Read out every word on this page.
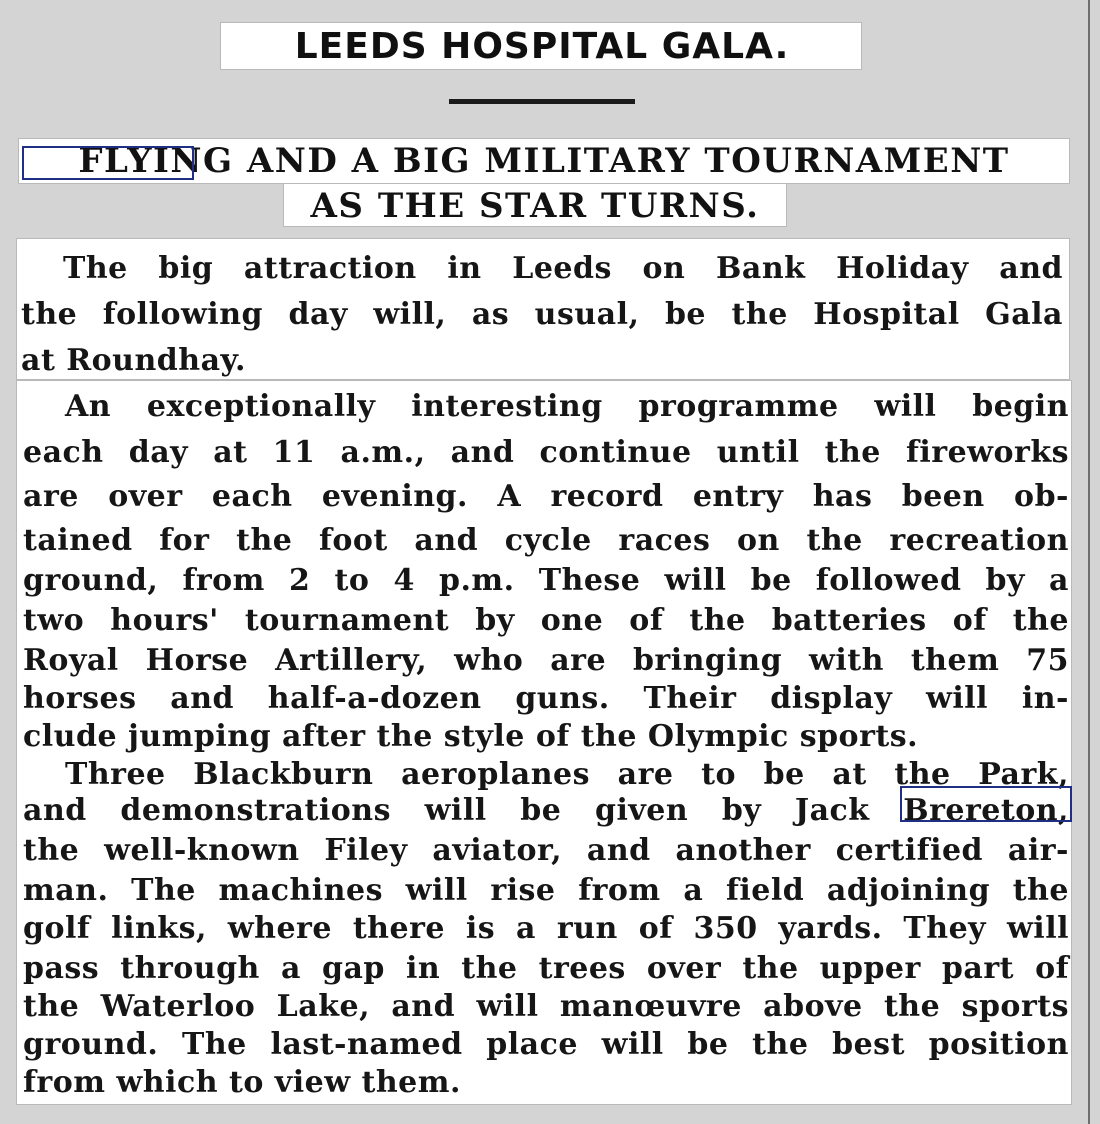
LEEDS HOSPITAL GALA.
FLYING AND A BIG MILITARY TOURNAMENT
AS THE STAR TURNS.
The big attraction in Leeds on Bank Holiday and
the following day will, as usual, be the Hospital Gala
at Roundhay.
An exceptionally interesting programme will begin
each day at 11 a.m., and continue until the fireworks
are over each evening. A record entry has been ob-
tained for the foot and cycle races on the recreation
ground, from 2 to 4 p.m. These will be followed by a
two hours' tournament by one of the batteries of the
Royal Horse Artillery, who are bringing with them 75
horses and half-a-dozen guns. Their display will in-
clude jumping after the style of the Olympic sports.
Three Blackburn aeroplanes are to be at the Park,
and demonstrations will be given by Jack Brereton,
the well-known Filey aviator, and another certified air-
man. The machines will rise from a field adjoining the
golf links, where there is a run of 350 yards. They will
pass through a gap in the trees over the upper part of
the Waterloo Lake, and will manœuvre above the sports
ground. The last-named place will be the best position
from which to view them.
